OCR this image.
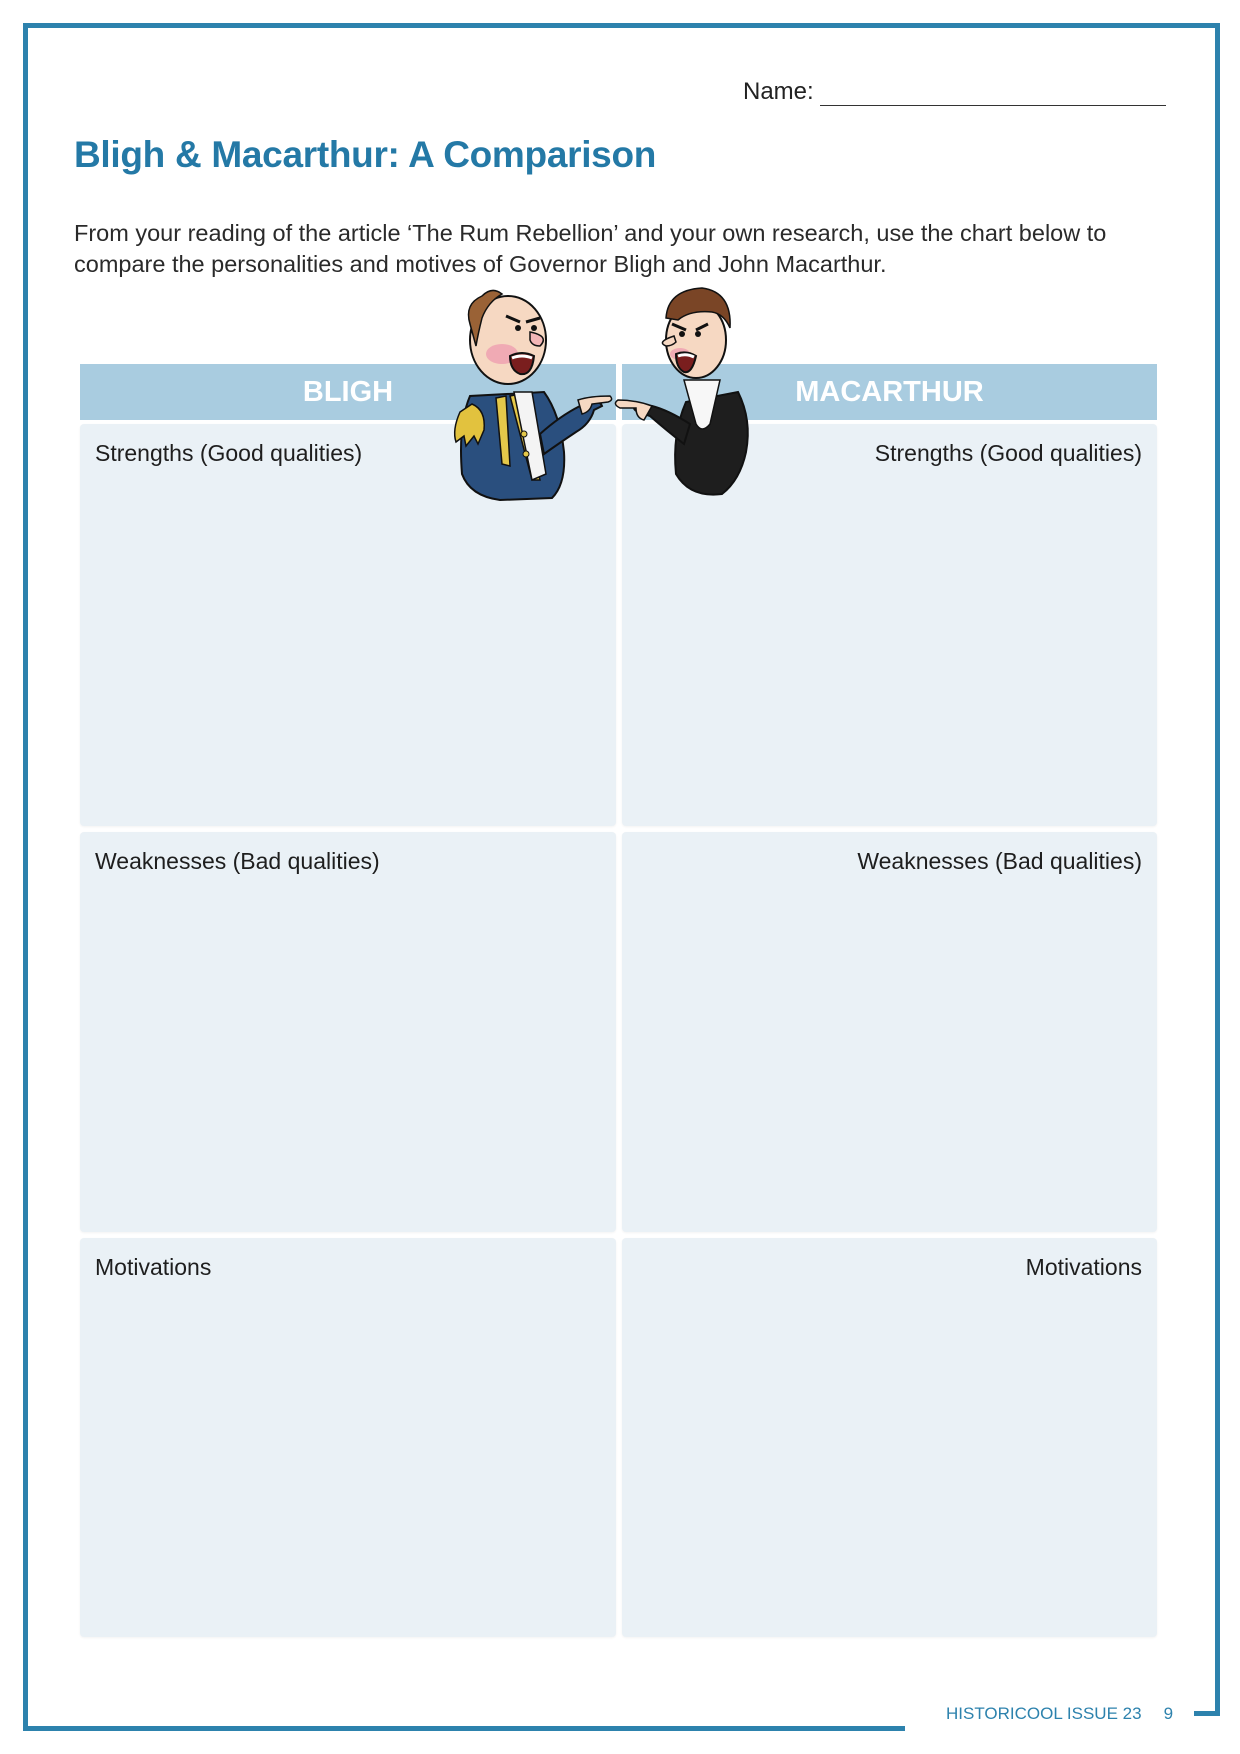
Name:
Bligh & Macarthur: A Comparison

From your reading of the article ‘The Rum Rebellion’ and your own research, use the chart below to compare the personalities and motives of Governor Bligh and John Macarthur.

BLIGH	MACARTHUR
Strengths (Good qualities)	Strengths (Good qualities)
Weaknesses (Bad qualities)	Weaknesses (Bad qualities)
Motivations	Motivations
HISTORICOOL ISSUE 23 9
